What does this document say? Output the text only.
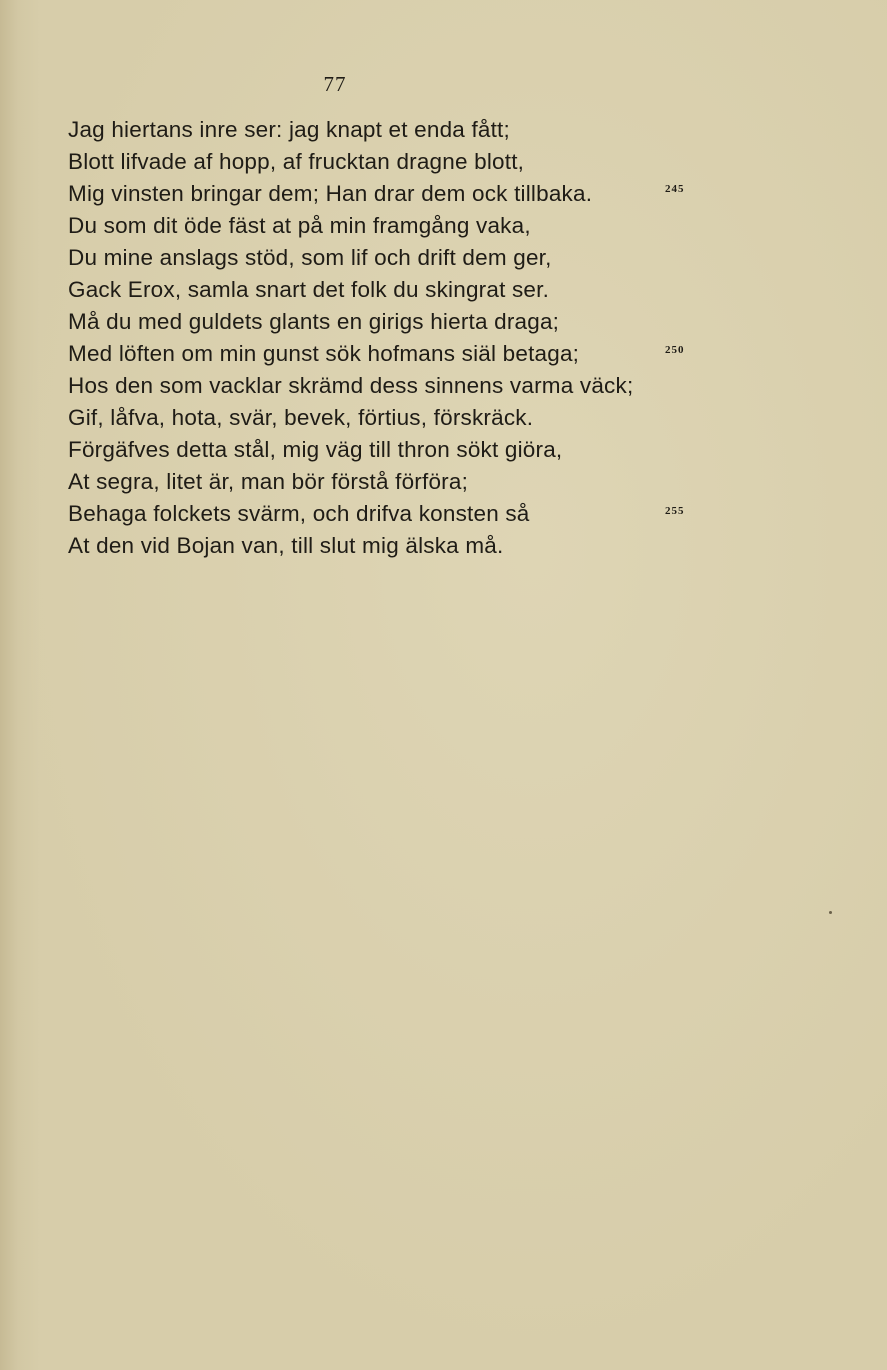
77
Jag hiertans inre ser: jag knapt et enda fått;
Blott lifvade af hopp, af frucktan dragne blott,
Mig vinsten bringar dem; Han drar dem ock tillbaka.
Du som dit öde fäst at på min framgång vaka,
Du mine anslags stöd, som lif och drift dem ger,
Gack Erox, samla snart det folk du skingrat ser.
Må du med guldets glants en girigs hierta draga;
Med löften om min gunst sök hofmans siäl betaga;
Hos den som vacklar skrämd dess sinnens varma väck;
Gif, låfva, hota, svär, bevek, förtius, förskräck.
Förgäfves detta stål, mig väg till thron sökt giöra,
At segra, litet är, man bör förstå förföra;
Behaga folckets svärm, och drifva konsten så
At den vid Bojan van, till slut mig älska må.
245
250
255
